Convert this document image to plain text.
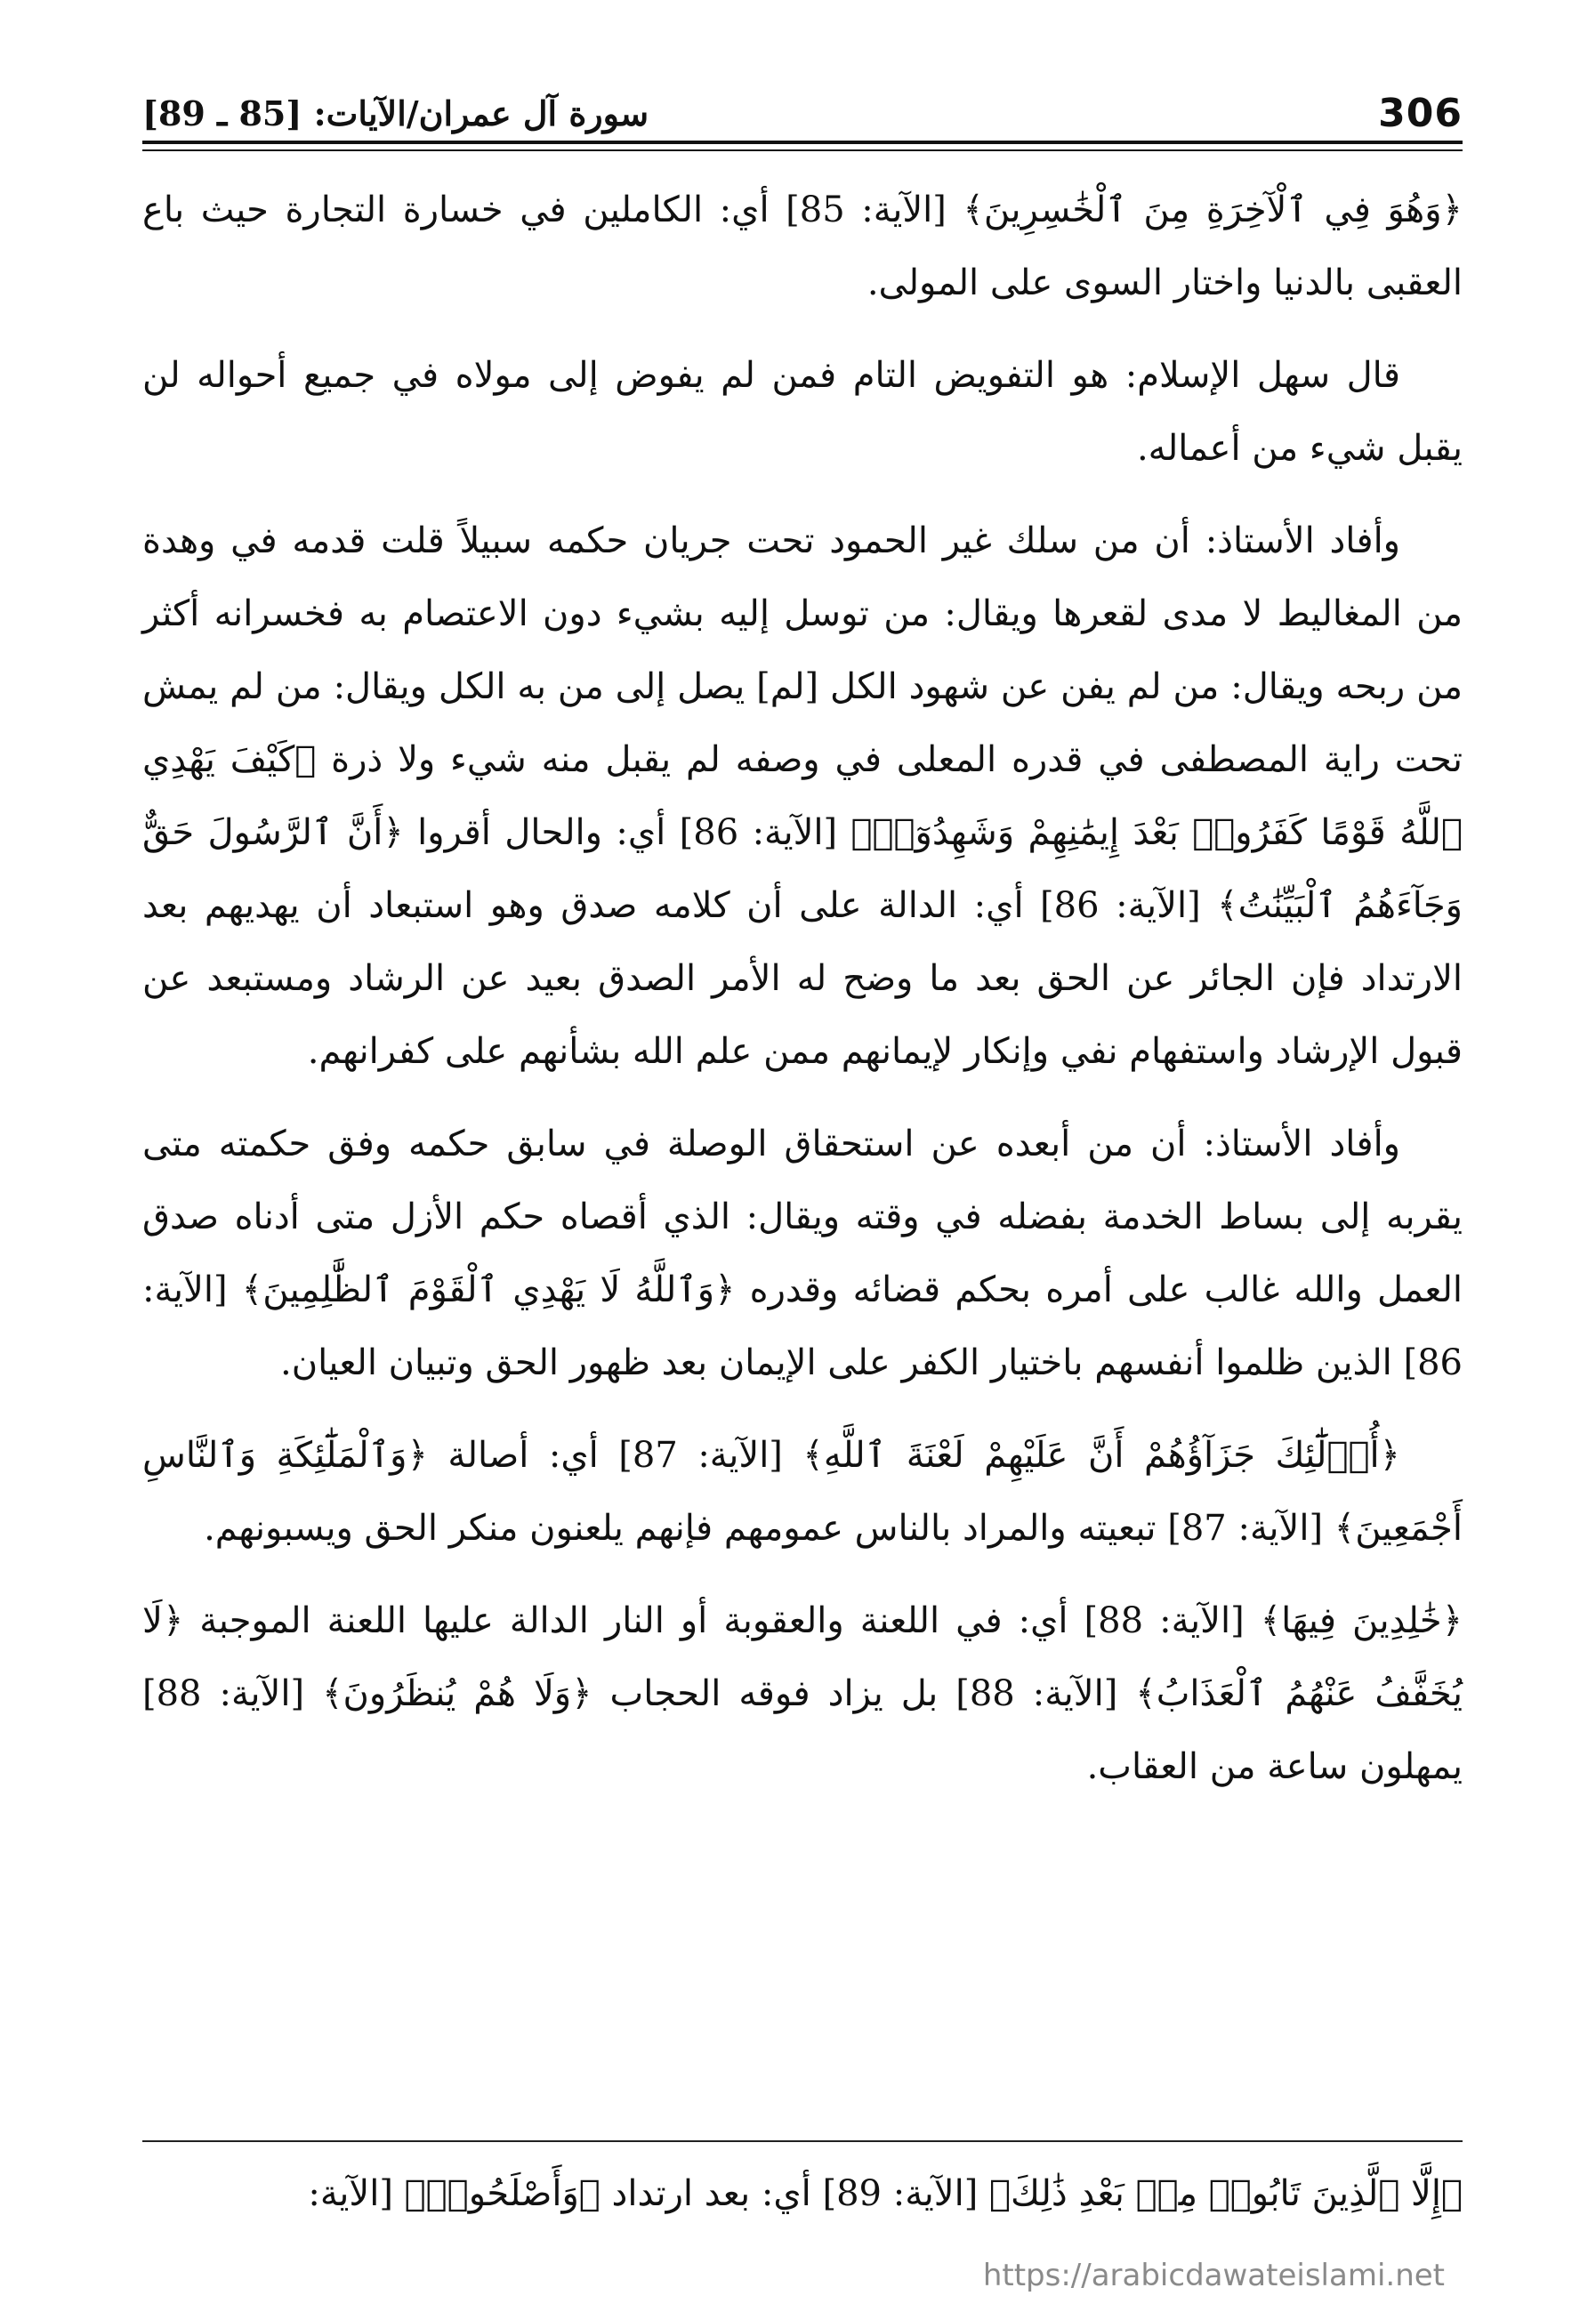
306
سورة آل عمران/الآيات: [85 ـ 89]

﴿وَهُوَ فِي ٱلْآخِرَةِ مِنَ ٱلْخَٰسِرِينَ﴾ [الآية: 85] أي: الكاملين في خسارة التجارة حيث باع العقبى بالدنيا واختار السوى على المولى.

قال سهل الإسلام: هو التفويض التام فمن لم يفوض إلى مولاه في جميع أحواله لن يقبل شيء من أعماله.

وأفاد الأستاذ: أن من سلك غير الحمود تحت جريان حكمه سبيلاً قلت قدمه في وهدة من المغاليط لا مدى لقعرها ويقال: من توسل إليه بشيء دون الاعتصام به فخسرانه أكثر من ربحه ويقال: من لم يفن عن شهود الكل [لم] يصل إلى من به الكل ويقال: من لم يمش تحت راية المصطفى في قدره المعلى في وصفه لم يقبل منه شيء ولا ذرة ﴿كَيْفَ يَهْدِي ٱللَّهُ قَوْمًا كَفَرُوا۟ بَعْدَ إِيمَٰنِهِمْ وَشَهِدُوٓا۟﴾ [الآية: 86] أي: والحال أقروا ﴿أَنَّ ٱلرَّسُولَ حَقٌّ وَجَآءَهُمُ ٱلْبَيِّنَٰتُ﴾ [الآية: 86] أي: الدالة على أن كلامه صدق وهو استبعاد أن يهديهم بعد الارتداد فإن الجائر عن الحق بعد ما وضح له الأمر الصدق بعيد عن الرشاد ومستبعد عن قبول الإرشاد واستفهام نفي وإنكار لإيمانهم ممن علم الله بشأنهم على كفرانهم.

وأفاد الأستاذ: أن من أبعده عن استحقاق الوصلة في سابق حكمه وفق حكمته متى يقربه إلى بساط الخدمة بفضله في وقته ويقال: الذي أقصاه حكم الأزل متى أدناه صدق العمل والله غالب على أمره بحكم قضائه وقدره ﴿وَٱللَّهُ لَا يَهْدِي ٱلْقَوْمَ ٱلظَّٰلِمِينَ﴾ [الآية: 86] الذين ظلموا أنفسهم باختيار الكفر على الإيمان بعد ظهور الحق وتبيان العيان.

﴿أُو۟لَٰٓئِكَ جَزَآؤُهُمْ أَنَّ عَلَيْهِمْ لَعْنَةَ ٱللَّهِ﴾ [الآية: 87] أي: أصالة ﴿وَٱلْمَلَٰٓئِكَةِ وَٱلنَّاسِ أَجْمَعِينَ﴾ [الآية: 87] تبعيته والمراد بالناس عمومهم فإنهم يلعنون منكر الحق ويسبونهم.

﴿خَٰلِدِينَ فِيهَا﴾ [الآية: 88] أي: في اللعنة والعقوبة أو النار الدالة عليها اللعنة الموجبة ﴿لَا يُخَفَّفُ عَنْهُمُ ٱلْعَذَابُ﴾ [الآية: 88] بل يزاد فوقه الحجاب ﴿وَلَا هُمْ يُنظَرُونَ﴾ [الآية: 88] يمهلون ساعة من العقاب.

﴿إِلَّا ٱلَّذِينَ تَابُوا۟ مِنۢ بَعْدِ ذَٰلِكَ﴾ [الآية: 89] أي: بعد ارتداد ﴿وَأَصْلَحُوا۟﴾ [الآية:
https://arabicdawateislami.net
